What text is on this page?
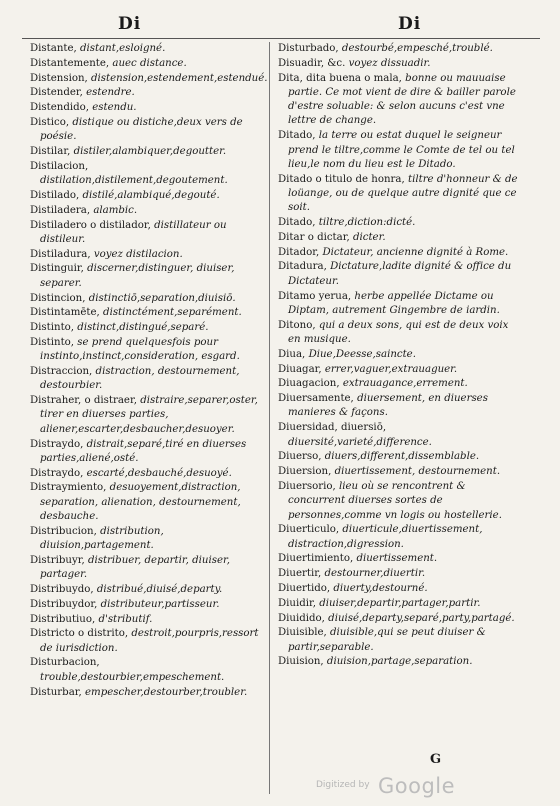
Di	Di
Distante, distant,esloigné.
Distantemente, auec distance.
Distension, distension,estendement,estendué.
Distender, estendre.
Distendido, estendu.
Distico, distique ou distiche,deux vers de poésie.
Distilar, distiler,alambiquer,degoutter.
Distilacion, distilation,distilement,degoutement.
Distilado, distilé,alambiqué,degouté.
Distiladera, alambic.
Distiladero o distilador, distillateur ou distileur.
Distiladura, voyez distilacion.
Distinguir, discerner,distinguer, diuiser, separer.
Distincion, distinctiō,separation,diuisiō.
Distintamēte, distinctément,separément.
Distinto, distinct,distingué,separé.
Distinto, se prend quelquesfois pour instinto,instinct,consideration, esgard.
Distraccion, distraction, destournement, destourbier.
Distraher, o distraer, distraire,separer,oster, tirer en diuerses parties, aliener,escarter,desbaucher,desuoyer.
Distraydo, distrait,separé,tiré en diuerses parties,aliené,osté.
Distraydo, escarté,desbauché,desuoyé.
Distraymiento, desuoyement,distraction, separation, alienation, destournement, desbauche.
Distribucion, distribution, diuision,partagement.
Distribuyr, distribuer, departir, diuiser, partager.
Distribuydo, distribué,diuisé,departy.
Distribuydor, distributeur,partisseur.
Distributiuo, d'stributif.
Districto o distrito, destroit,pourpris,ressort de iurisdiction.
Disturbacion, trouble,destourbier,empeschement.
Disturbar, empescher,destourber,troubler.
Disturbado, destourbé,empesché,troublé.
Disuadir, &c. voyez dissuadir.
Dita, dita buena o mala, bonne ou mauuaise partie. Ce mot vient de dire & bailler parole d'estre soluable: & selon aucuns c'est vne lettre de change.
Ditado, la terre ou estat duquel le seigneur prend le tiltre,comme le Comte de tel ou tel lieu,le nom du lieu est le Ditado.
Ditado o titulo de honra, tiltre d'honneur & de loüange, ou de quelque autre dignité que ce soit.
Ditado, tiltre,diction:dicté.
Ditar o dictar, dicter.
Ditador, Dictateur, ancienne dignité à Rome.
Ditadura, Dictature,ladite dignité & office du Dictateur.
Ditamo yerua, herbe appellée Dictame ou Diptam, autrement Gingembre de iardin.
Ditono, qui a deux sons, qui est de deux voix en musique.
Diua, Diue,Deesse,saincte.
Diuagar, errer,vaguer,extrauaguer.
Diuagacion, extrauagance,errement.
Diuersamente, diuersement, en diuerses manieres & façons.
Diuersidad, diuersiō, diuersité,varieté,difference.
Diuerso, diuers,different,dissemblable.
Diuersion, diuertissement, destournement.
Diuersorio, lieu où se rencontrent & concurrent diuerses sortes de personnes,comme vn logis ou hostellerie.
Diuerticulo, diuerticule,diuertissement, distraction,digression.
Diuertimiento, diuertissement.
Diuertir, destourner,diuertir.
Diuertido, diuerty,destourné.
Diuidir, diuiser,departir,partager,partir.
Diuidido, diuisé,departy,separé,party,partagé.
Diuisible, diuisible,qui se peut diuiser & partir,separable.
Diuision, diuision,partage,separation.
G
Digitized by Google
